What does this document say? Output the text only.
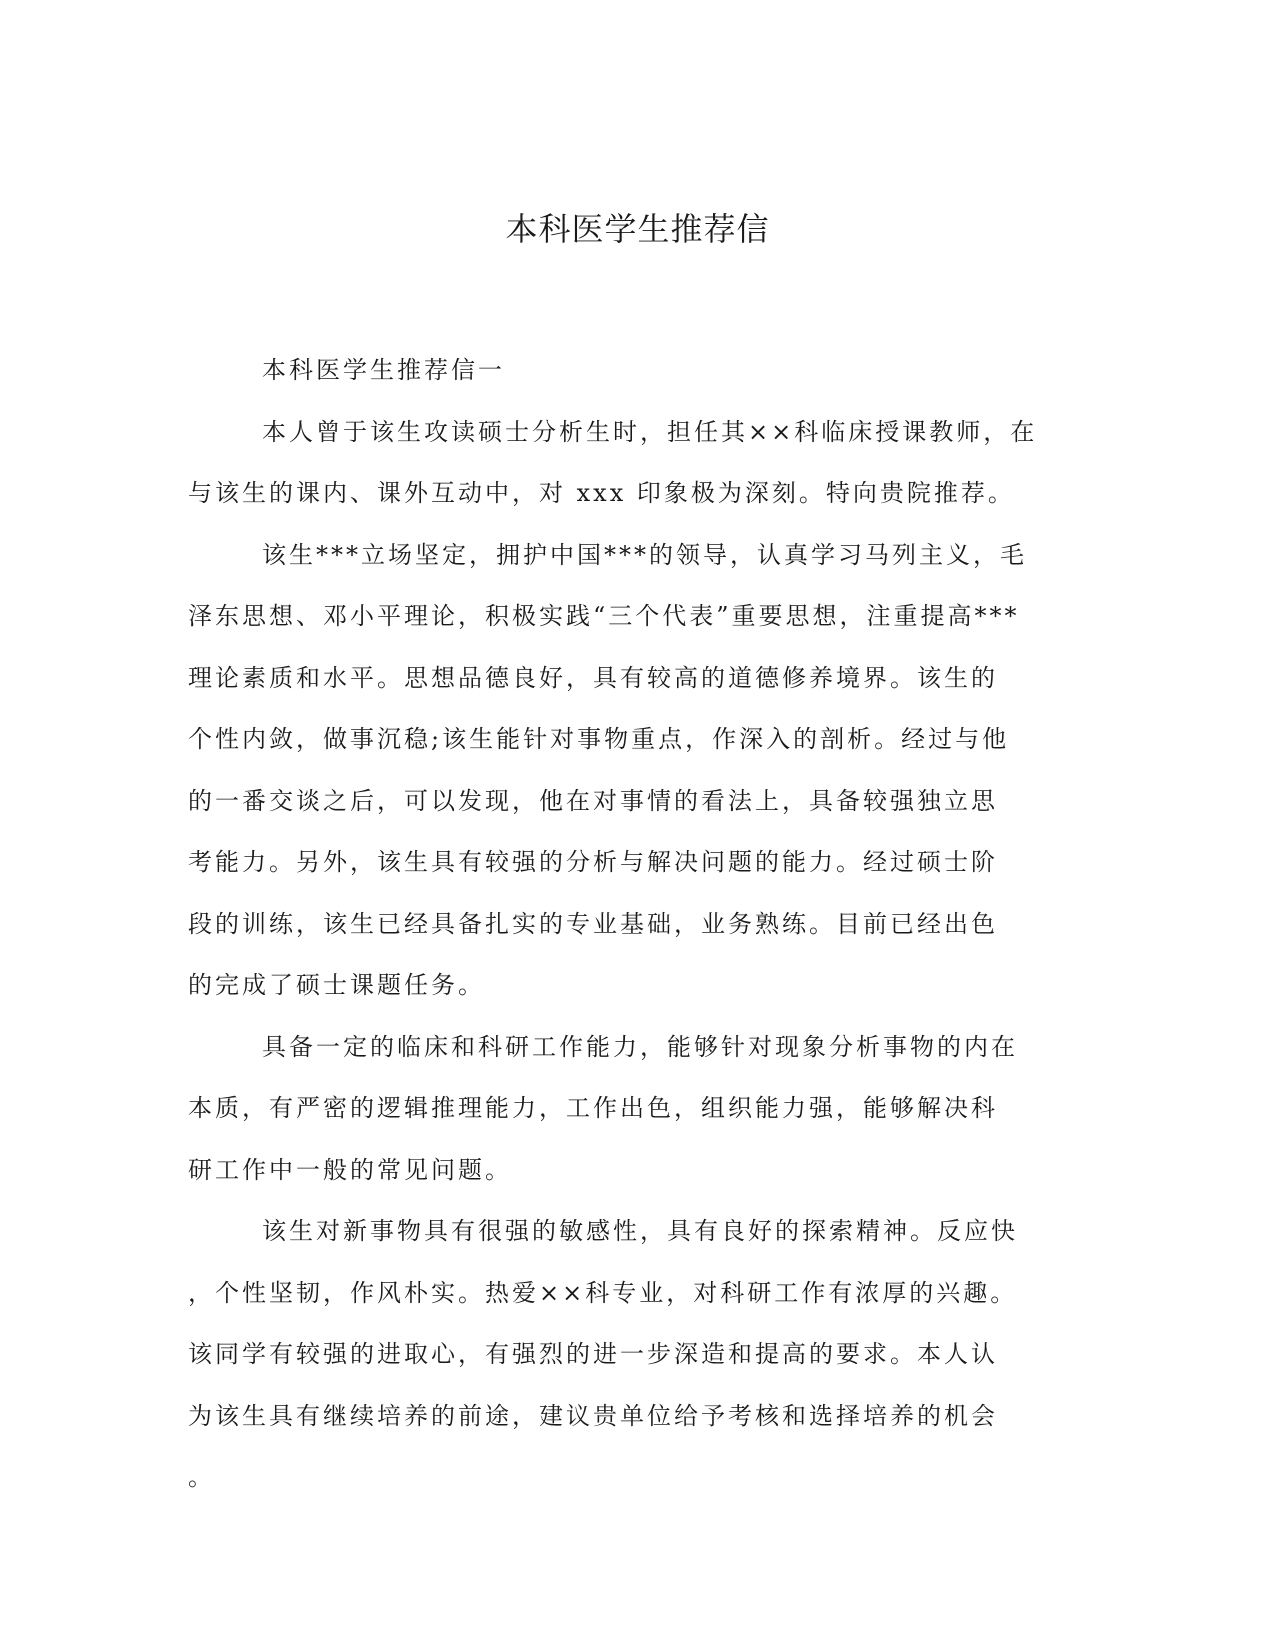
本科医学生推荐信
本科医学生推荐信一
本人曾于该生攻读硕士分析生时，担任其××科临床授课教师，在
与该生的课内、课外互动中，对 xxx 印象极为深刻。特向贵院推荐。
该生***立场坚定，拥护中国***的领导，认真学习马列主义，毛
泽东思想、邓小平理论，积极实践“三个代表”重要思想，注重提高***
理论素质和水平。思想品德良好，具有较高的道德修养境界。该生的
个性内敛，做事沉稳;该生能针对事物重点，作深入的剖析。经过与他
的一番交谈之后，可以发现，他在对事情的看法上，具备较强独立思
考能力。另外，该生具有较强的分析与解决问题的能力。经过硕士阶
段的训练，该生已经具备扎实的专业基础，业务熟练。目前已经出色
的完成了硕士课题任务。
具备一定的临床和科研工作能力，能够针对现象分析事物的内在
本质，有严密的逻辑推理能力，工作出色，组织能力强，能够解决科
研工作中一般的常见问题。
该生对新事物具有很强的敏感性，具有良好的探索精神。反应快
，个性坚韧，作风朴实。热爱××科专业，对科研工作有浓厚的兴趣。
该同学有较强的进取心，有强烈的进一步深造和提高的要求。本人认
为该生具有继续培养的前途，建议贵单位给予考核和选择培养的机会
。
